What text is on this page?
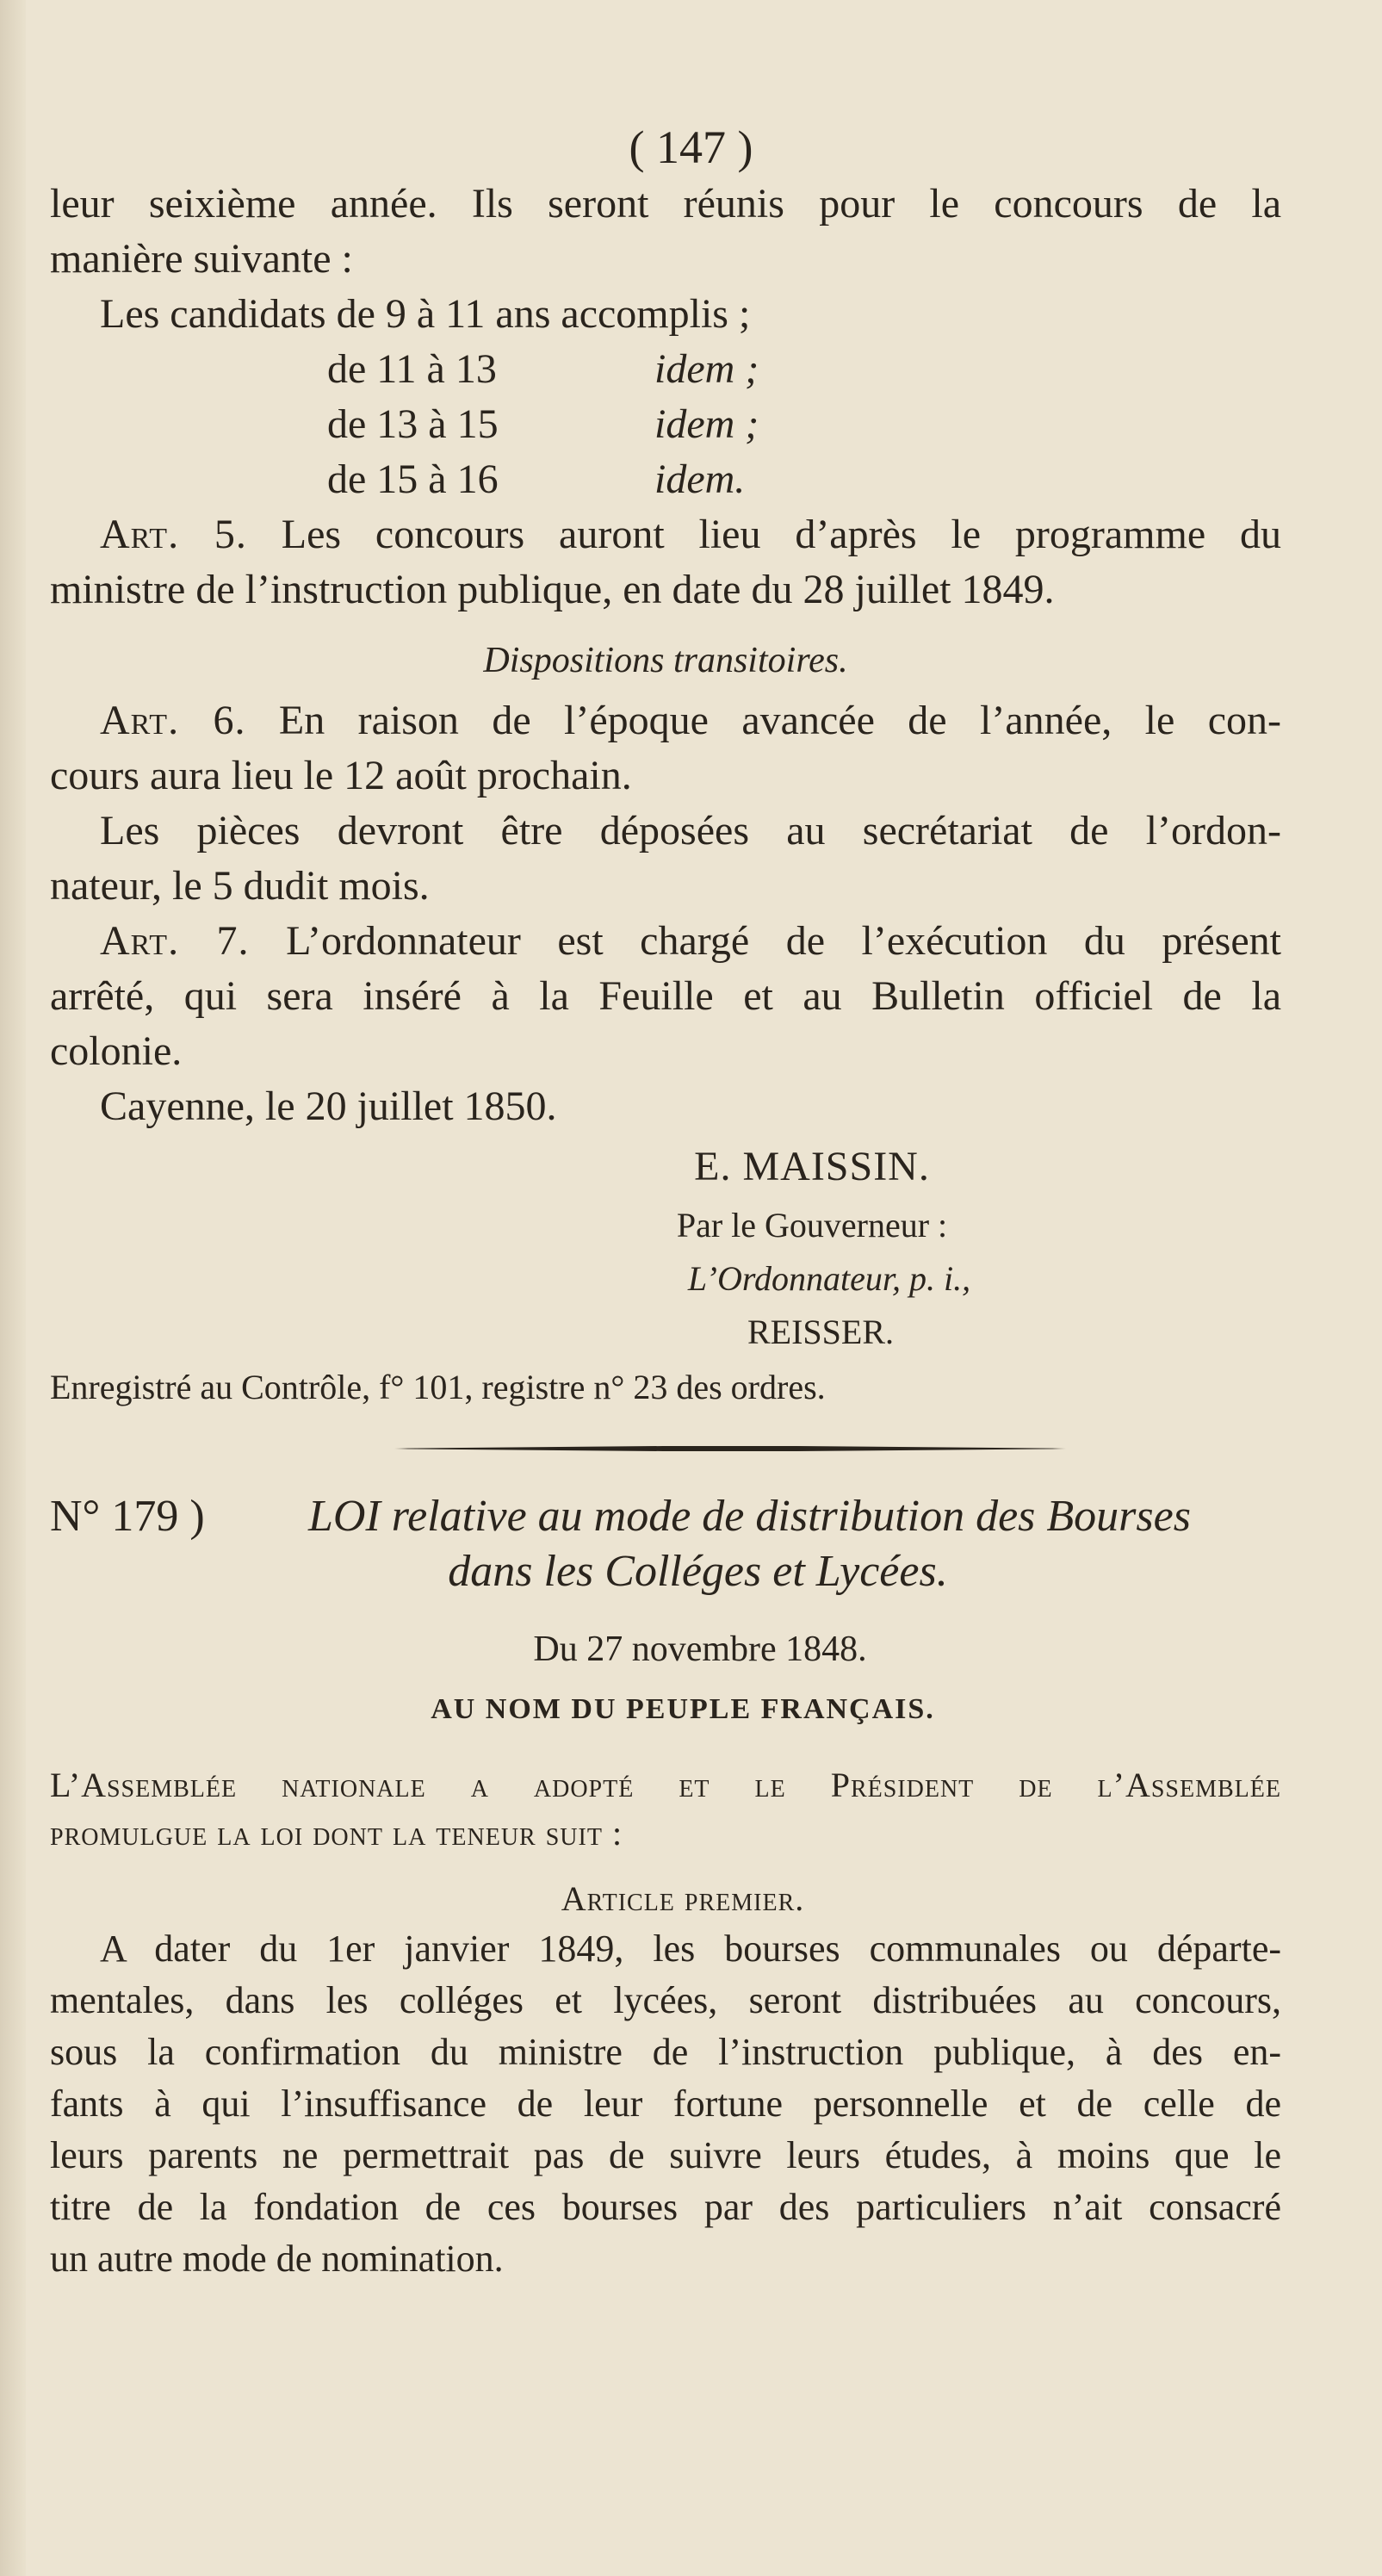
( 147 )

leur seixième année. Ils seront réunis pour le concours de la

manière suivante :

Les candidats de 9 à 11 ans accomplis ;

de 11 à 13	idem ;
de 13 à 15	idem ;
de 15 à 16	idem.

Art. 5. Les concours auront lieu d’après le programme du

ministre de l’instruction publique, en date du 28 juillet 1849.

Dispositions transitoires.

Art. 6. En raison de l’époque avancée de l’année, le con-

cours aura lieu le 12 août prochain.

Les pièces devront être déposées au secrétariat de l’ordon-

nateur, le 5 dudit mois.

Art. 7. L’ordonnateur est chargé de l’exécution du présent

arrêté, qui sera inséré à la Feuille et au Bulletin officiel de la

colonie.

Cayenne, le 20 juillet 1850.

E. MAISSIN.

Par le Gouverneur :

L’Ordonnateur, p. i.,

REISSER.

Enregistré au Contrôle, f° 101, registre n° 23 des ordres.

N° 179 )	LOI relative au mode de distribution des Bourses

dans les Colléges et Lycées.

Du 27 novembre 1848.

AU NOM DU PEUPLE FRANÇAIS.

L’Assemblée nationale a adopté et le Président de l’Assemblée

promulgue la loi dont la teneur suit :

Article premier.

A dater du 1er janvier 1849, les bourses communales ou départe-

mentales, dans les colléges et lycées, seront distribuées au concours,

sous la confirmation du ministre de l’instruction publique, à des en-

fants à qui l’insuffisance de leur fortune personnelle et de celle de

leurs parents ne permettrait pas de suivre leurs études, à moins que le

titre de la fondation de ces bourses par des particuliers n’ait consacré

un autre mode de nomination.
